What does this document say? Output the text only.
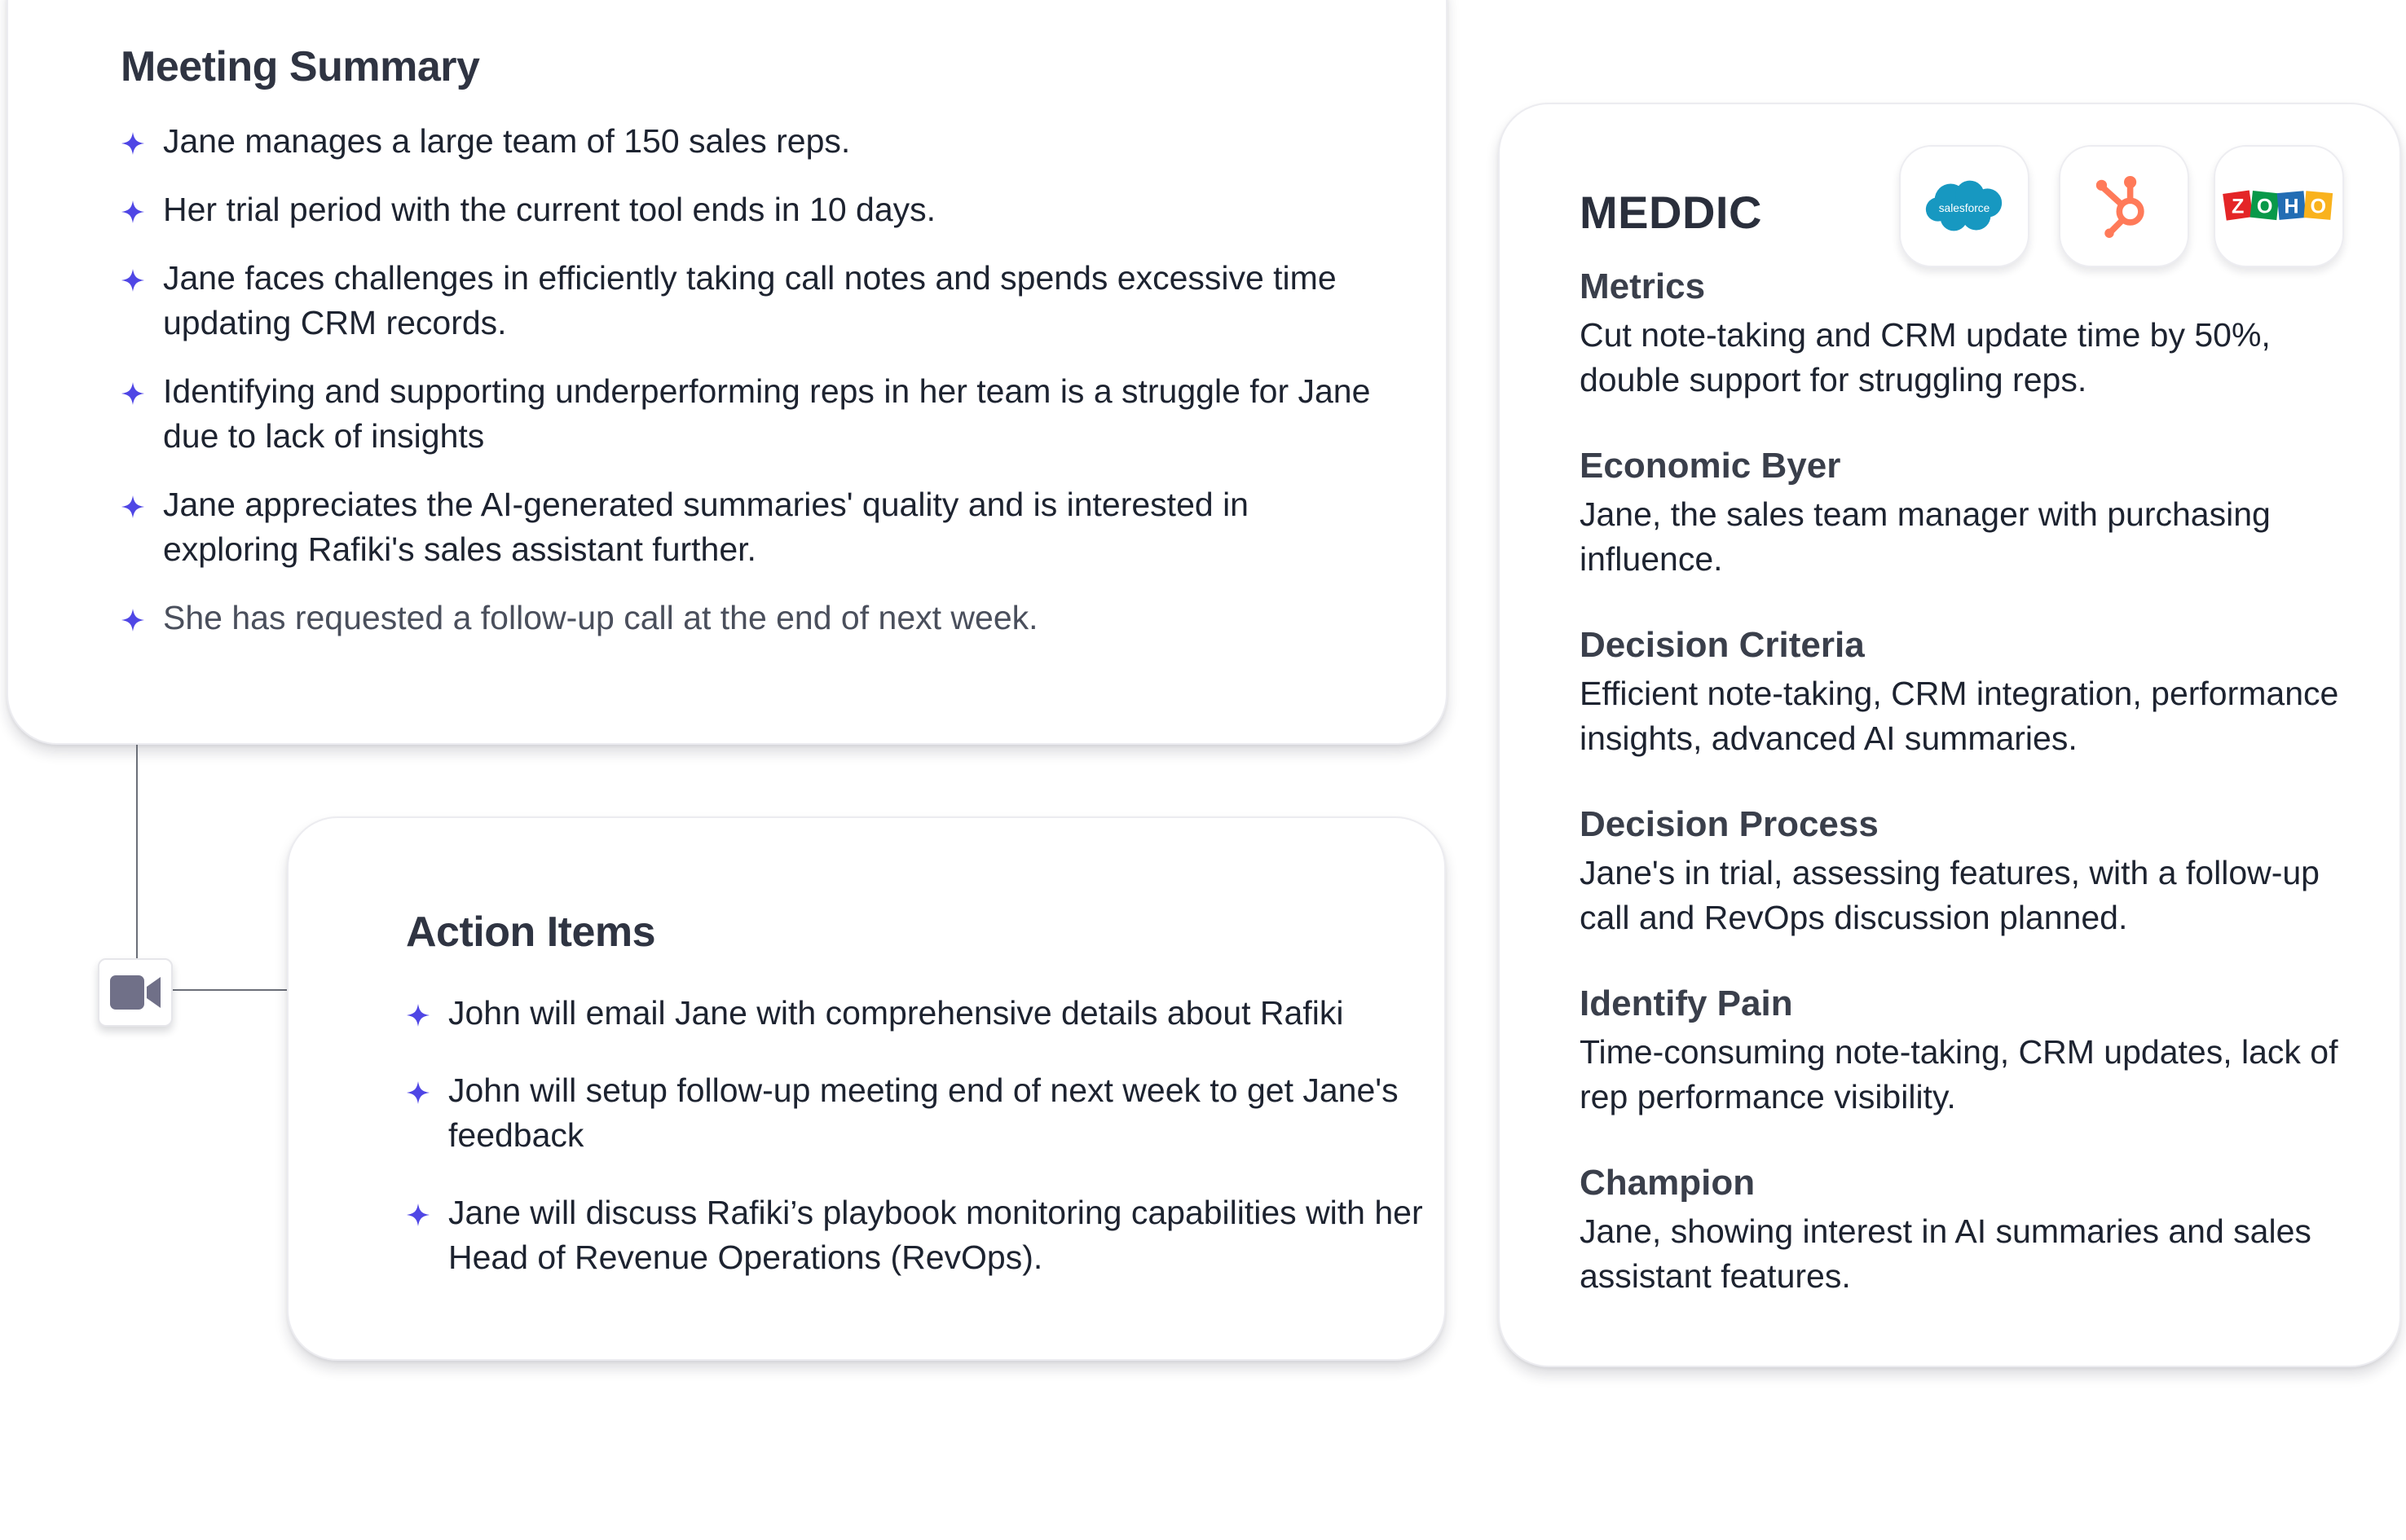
Meeting Summary
Jane manages a large team of 150 sales reps.
Her trial period with the current tool ends in 10 days.
Jane faces challenges in efficiently taking call notes and spends excessive time updating CRM records.
Identifying and supporting underperforming reps in her team is a struggle for Jane due to lack of insights
Jane appreciates the AI-generated summaries' quality and is interested in exploring Rafiki's sales assistant further.
She has requested a follow-up call at the end of next week.
Action Items
John will email Jane with comprehensive details about Rafiki
John will setup follow-up meeting end of next week to get Jane's feedback
Jane will discuss Rafiki’s playbook monitoring capabilities with her Head of Revenue Operations (RevOps).
MEDDIC	salesforce	Z O H O
Metrics
Cut note-taking and CRM update time by 50%, double support for struggling reps.
Economic Byer
Jane, the sales team manager with purchasing influence.
Decision Criteria
Efficient note-taking, CRM integration, performance insights, advanced AI summaries.
Decision Process
Jane's in trial, assessing features, with a follow-up call and RevOps discussion planned.
Identify Pain
Time-consuming note-taking, CRM updates, lack of rep performance visibility.
Champion
Jane, showing interest in AI summaries and sales assistant features.
